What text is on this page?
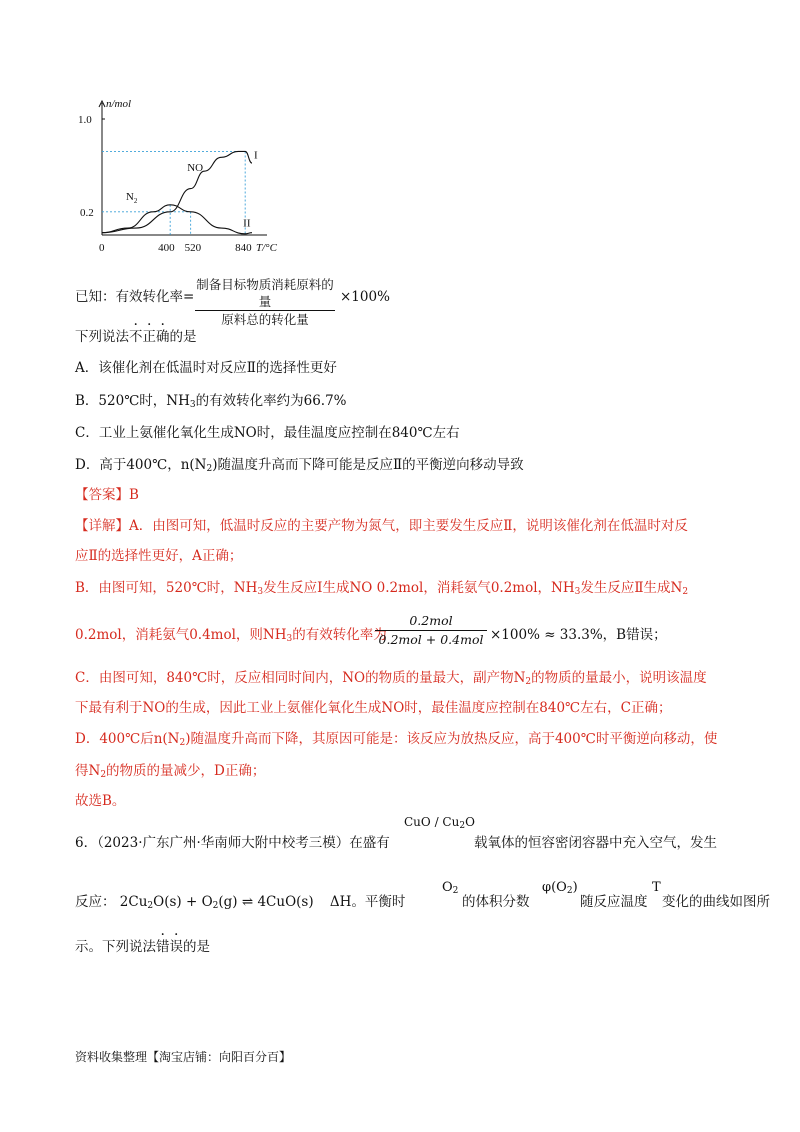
n/mol
1.0
0.2
0	400 520	840 T/°C
NO
$N_2$
I
II
已知：有效转化率=
制备目标物质消耗原料的量
原料总的转化量
×100%
下列说法不正确的是
A．该催化剂在低温时对反应Ⅱ的选择性更好
B．520℃时，$NH_3$的有效转化率约为66.7%
C．工业上氨催化氧化生成NO时，最佳温度应控制在840℃左右
D．高于400℃，$n(N_2)$随温度升高而下降可能是反应Ⅱ的平衡逆向移动导致
【答案】B
【详解】A．由图可知，低温时反应的主要产物为氮气，即主要发生反应Ⅱ，说明该催化剂在低温时对反
应Ⅱ的选择性更好，A正确；
B．由图可知，520℃时，$NH_3$发生反应I生成NO 0.2mol，消耗氨气0.2mol，$NH_3$发生反应Ⅱ生成$N_2$
0.2mol，消耗氨气0.4mol，则$NH_3$的有效转化率为
0.2mol
0.2mol + 0.4mol ×100% ≈ 33.3%，B错误；
C．由图可知，840℃时，反应相同时间内，NO的物质的量最大，副产物$N_2$的物质的量最小，说明该温度
下最有利于NO的生成，因此工业上氨催化氧化生成NO时，最佳温度应控制在840℃左右，C正确；
D．400℃后$n(N_2)$随温度升高而下降，其原因可能是：该反应为放热反应，高于400℃时平衡逆向移动，使
得$N_2$的物质的量减少，D正确；
故选B。
6．（2023·广东广州·华南师大附中校考三模）在盛有
CuO / $Cu_2O$
载氧体的恒容密闭容器中充入空气，发生
反应： $2Cu_2O(s) + O_2(g)$ ⇌ 4CuO(s) ΔH。平衡时
$O_2$
的体积分数
$\varphi(O_2)$
随反应温度
T
变化的曲线如图所
示。下列说法错误的是
资料收集整理【淘宝店铺：向阳百分百】
